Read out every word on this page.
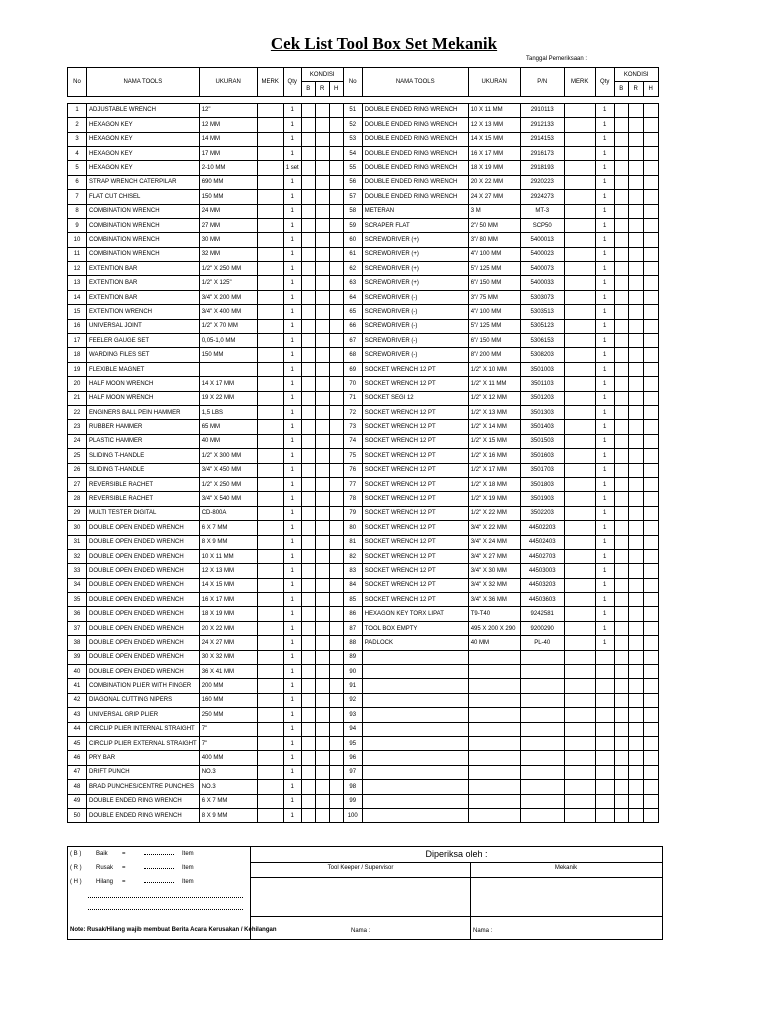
Cek List Tool Box Set Mekanik
Tanggal Pemeriksaan :
No	NAMA TOOLS	UKURAN	MERK	Qty	KONDISI			No	NAMA TOOLS	UKURAN	P/N	MERK	Qty	KONDISI		
					B	R	H							B	R	H

1	ADJUSTABLE WRENCH	12"		1				51	DOUBLE ENDED RING WRENCH	10 X 11 MM	2910113		1			
2	HEXAGON KEY	12 MM		1				52	DOUBLE ENDED RING WRENCH	12 X 13 MM	2912133		1			
3	HEXAGON KEY	14 MM		1				53	DOUBLE ENDED RING WRENCH	14 X 15 MM	2914153		1			
4	HEXAGON KEY	17 MM		1				54	DOUBLE ENDED RING WRENCH	16 X 17 MM	2916173		1			
5	HEXAGON KEY	2-10 MM		1 set				55	DOUBLE ENDED RING WRENCH	18 X 19 MM	2918193		1			
6	STRAP WRENCH CATERPILAR	690 MM		1				56	DOUBLE ENDED RING WRENCH	20 X 22 MM	2920223		1			
7	FLAT CUT CHISEL	150 MM		1				57	DOUBLE ENDED RING WRENCH	24 X 27 MM	2924273		1			
8	COMBINATION WRENCH	24 MM		1				58	METERAN	3 M	MT-3		1			
9	COMBINATION WRENCH	27 MM		1				59	SCRAPER FLAT	2"/ 50 MM	SCP50		1			
10	COMBINATION WRENCH	30 MM		1				60	SCREWDRIVER (+)	3"/ 80 MM	5400013		1			
11	COMBINATION WRENCH	32 MM		1				61	SCREWDRIVER (+)	4"/ 100 MM	5400023		1			
12	EXTENTION BAR	1/2" X 250 MM		1				62	SCREWDRIVER (+)	5"/ 125 MM	5400073		1			
13	EXTENTION BAR	1/2" X 125"		1				63	SCREWDRIVER (+)	6"/ 150 MM	5400033		1			
14	EXTENTION BAR	3/4" X 200 MM		1				64	SCREWDRIVER (-)	3"/ 75 MM	5303073		1			
15	EXTENTION WRENCH	3/4" X 400 MM		1				65	SCREWDRIVER (-)	4"/ 100 MM	5303513		1			
16	UNIVERSAL JOINT	1/2" X 70 MM		1				66	SCREWDRIVER (-)	5"/ 125 MM	5305123		1			
17	FEELER GAUGE SET	0,05-1,0 MM		1				67	SCREWDRIVER (-)	6"/ 150 MM	5306153		1			
18	WARDING FILES SET	150 MM		1				68	SCREWDRIVER (-)	8"/ 200 MM	5308203		1			
19	FLEXIBLE MAGNET			1				69	SOCKET WRENCH 12 PT	1/2" X 10 MM	3501003		1			
20	HALF MOON WRENCH	14 X 17 MM		1				70	SOCKET WRENCH 12 PT	1/2" X 11 MM	3501103		1			
21	HALF MOON WRENCH	19 X 22 MM		1				71	SOCKET SEGI 12	1/2" X 12 MM	3501203		1			
22	ENGINERS BALL PEIN HAMMER	1,5 LBS		1				72	SOCKET WRENCH 12 PT	1/2" X 13 MM	3501303		1			
23	RUBBER HAMMER	65 MM		1				73	SOCKET WRENCH 12 PT	1/2" X 14 MM	3501403		1			
24	PLASTIC HAMMER	40 MM		1				74	SOCKET WRENCH 12 PT	1/2" X 15 MM	3501503		1			
25	SLIDING T-HANDLE	1/2" X 300 MM		1				75	SOCKET WRENCH 12 PT	1/2" X 16 MM	3501603		1			
26	SLIDING T-HANDLE	3/4" X 450 MM		1				76	SOCKET WRENCH 12 PT	1/2" X 17 MM	3501703		1			
27	REVERSIBLE RACHET	1/2" X 250 MM		1				77	SOCKET WRENCH 12 PT	1/2" X 18 MM	3501803		1			
28	REVERSIBLE RACHET	3/4" X 540 MM		1				78	SOCKET WRENCH 12 PT	1/2" X 19 MM	3501903		1			
29	MULTI TESTER DIGITAL	CD-800A		1				79	SOCKET WRENCH 12 PT	1/2" X 22 MM	3502203		1			
30	DOUBLE OPEN ENDED WRENCH	6 X 7 MM		1				80	SOCKET WRENCH 12 PT	3/4" X 22 MM	44502203		1			
31	DOUBLE OPEN ENDED WRENCH	8 X 9 MM		1				81	SOCKET WRENCH 12 PT	3/4" X 24 MM	44502403		1			
32	DOUBLE OPEN ENDED WRENCH	10 X 11 MM		1				82	SOCKET WRENCH 12 PT	3/4" X 27 MM	44502703		1			
33	DOUBLE OPEN ENDED WRENCH	12 X 13 MM		1				83	SOCKET WRENCH 12 PT	3/4" X 30 MM	44503003		1			
34	DOUBLE OPEN ENDED WRENCH	14 X 15 MM		1				84	SOCKET WRENCH 12 PT	3/4" X 32 MM	44503203		1			
35	DOUBLE OPEN ENDED WRENCH	16 X 17 MM		1				85	SOCKET WRENCH 12 PT	3/4" X 36 MM	44503603		1			
36	DOUBLE OPEN ENDED WRENCH	18 X 19 MM		1				86	HEXAGON KEY TORX LIPAT	T9-T40	9242581		1			
37	DOUBLE OPEN ENDED WRENCH	20 X 22 MM		1				87	TOOL BOX EMPTY	495 X 200 X 290	9200290		1			
38	DOUBLE OPEN ENDED WRENCH	24 X 27 MM		1				88	PADLOCK	40 MM	PL-40		1			
39	DOUBLE OPEN ENDED WRENCH	30 X 32 MM		1				89								
40	DOUBLE OPEN ENDED WRENCH	36 X 41 MM		1				90								
41	COMBINATION PLIER WITH FINGER	200 MM		1				91								
42	DIAGONAL CUTTING NIPERS	160 MM		1				92								
43	UNIVERSAL GRIP PLIER	250 MM		1				93								
44	CIRCLIP PLIER INTERNAL STRAIGHT	7"		1				94								
45	CIRCLIP PLIER EXTERNAL STRAIGHT	7"		1				95								
46	PRY BAR	400 MM		1				96								
47	DRIFT PUNCH	NO.3		1				97								
48	BRAD PUNCHES/CENTRE PUNCHES	NO.3		1				98								
49	DOUBLE ENDED RING WRENCH	6 X 7 MM		1				99								
50	DOUBLE ENDED RING WRENCH	8 X 9 MM		1				100								
( B ) Baik =	Item
( R ) Rusak =	Item
( H ) Hilang =	Item
Note: Rusak/Hilang wajib membuat Berita Acara Kerusakan / Kehilangan
Diperiksa oleh :
Tool Keeper / Supervisor	Mekanik
Nama :	Nama :
